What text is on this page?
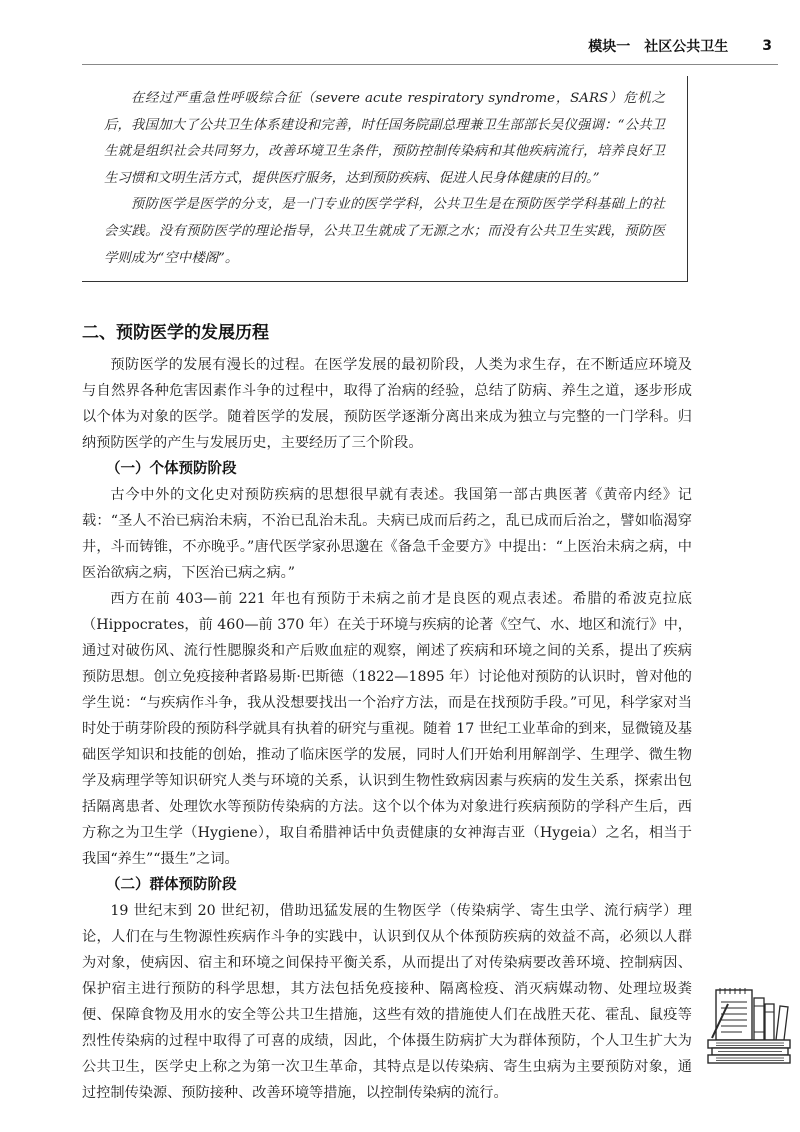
模块一　社区公共卫生 3

在经过严重急性呼吸综合征（severe acute respiratory syndrome，SARS）危机之后，我国加大了公共卫生体系建设和完善，时任国务院副总理兼卫生部部长吴仪强调：“公共卫生就是组织社会共同努力，改善环境卫生条件，预防控制传染病和其他疾病流行，培养良好卫生习惯和文明生活方式，提供医疗服务，达到预防疾病、促进人民身体健康的目的。”

预防医学是医学的分支，是一门专业的医学学科，公共卫生是在预防医学学科基础上的社会实践。没有预防医学的理论指导，公共卫生就成了无源之水；而没有公共卫生实践，预防医学则成为“空中楼阁”。

二、预防医学的发展历程

预防医学的发展有漫长的过程。在医学发展的最初阶段，人类为求生存，在不断适应环境及与自然界各种危害因素作斗争的过程中，取得了治病的经验，总结了防病、养生之道，逐步形成以个体为对象的医学。随着医学的发展，预防医学逐渐分离出来成为独立与完整的一门学科。归纳预防医学的产生与发展历史，主要经历了三个阶段。

（一）个体预防阶段

古今中外的文化史对预防疾病的思想很早就有表述。我国第一部古典医著《黄帝内经》记载：“圣人不治已病治未病，不治已乱治未乱。夫病已成而后药之，乱已成而后治之，譬如临渴穿井，斗而铸锥，不亦晚乎。”唐代医学家孙思邈在《备急千金要方》中提出：“上医治未病之病，中医治欲病之病，下医治已病之病。”

西方在前 403—前 221 年也有预防于未病之前才是良医的观点表述。希腊的希波克拉底（Hippocrates，前 460—前 370 年）在关于环境与疾病的论著《空气、水、地区和流行》中，通过对破伤风、流行性腮腺炎和产后败血症的观察，阐述了疾病和环境之间的关系，提出了疾病预防思想。创立免疫接种者路易斯·巴斯德（1822—1895 年）讨论他对预防的认识时，曾对他的学生说：“与疾病作斗争，我从没想要找出一个治疗方法，而是在找预防手段。”可见，科学家对当时处于萌芽阶段的预防科学就具有执着的研究与重视。随着 17 世纪工业革命的到来，显微镜及基础医学知识和技能的创始，推动了临床医学的发展，同时人们开始利用解剖学、生理学、微生物学及病理学等知识研究人类与环境的关系，认识到生物性致病因素与疾病的发生关系，探索出包括隔离患者、处理饮水等预防传染病的方法。这个以个体为对象进行疾病预防的学科产生后，西方称之为卫生学（Hygiene），取自希腊神话中负责健康的女神海吉亚（Hygeia）之名，相当于我国“养生”“摄生”之词。

（二）群体预防阶段

19 世纪末到 20 世纪初，借助迅猛发展的生物医学（传染病学、寄生虫学、流行病学）理论，人们在与生物源性疾病作斗争的实践中，认识到仅从个体预防疾病的效益不高，必须以人群为对象，使病因、宿主和环境之间保持平衡关系，从而提出了对传染病要改善环境、控制病因、保护宿主进行预防的科学思想，其方法包括免疫接种、隔离检疫、消灭病媒动物、处理垃圾粪便、保障食物及用水的安全等公共卫生措施，这些有效的措施使人们在战胜天花、霍乱、鼠疫等烈性传染病的过程中取得了可喜的成绩，因此，个体摄生防病扩大为群体预防，个人卫生扩大为公共卫生，医学史上称之为第一次卫生革命，其特点是以传染病、寄生虫病为主要预防对象，通过控制传染源、预防接种、改善环境等措施，以控制传染病的流行。
